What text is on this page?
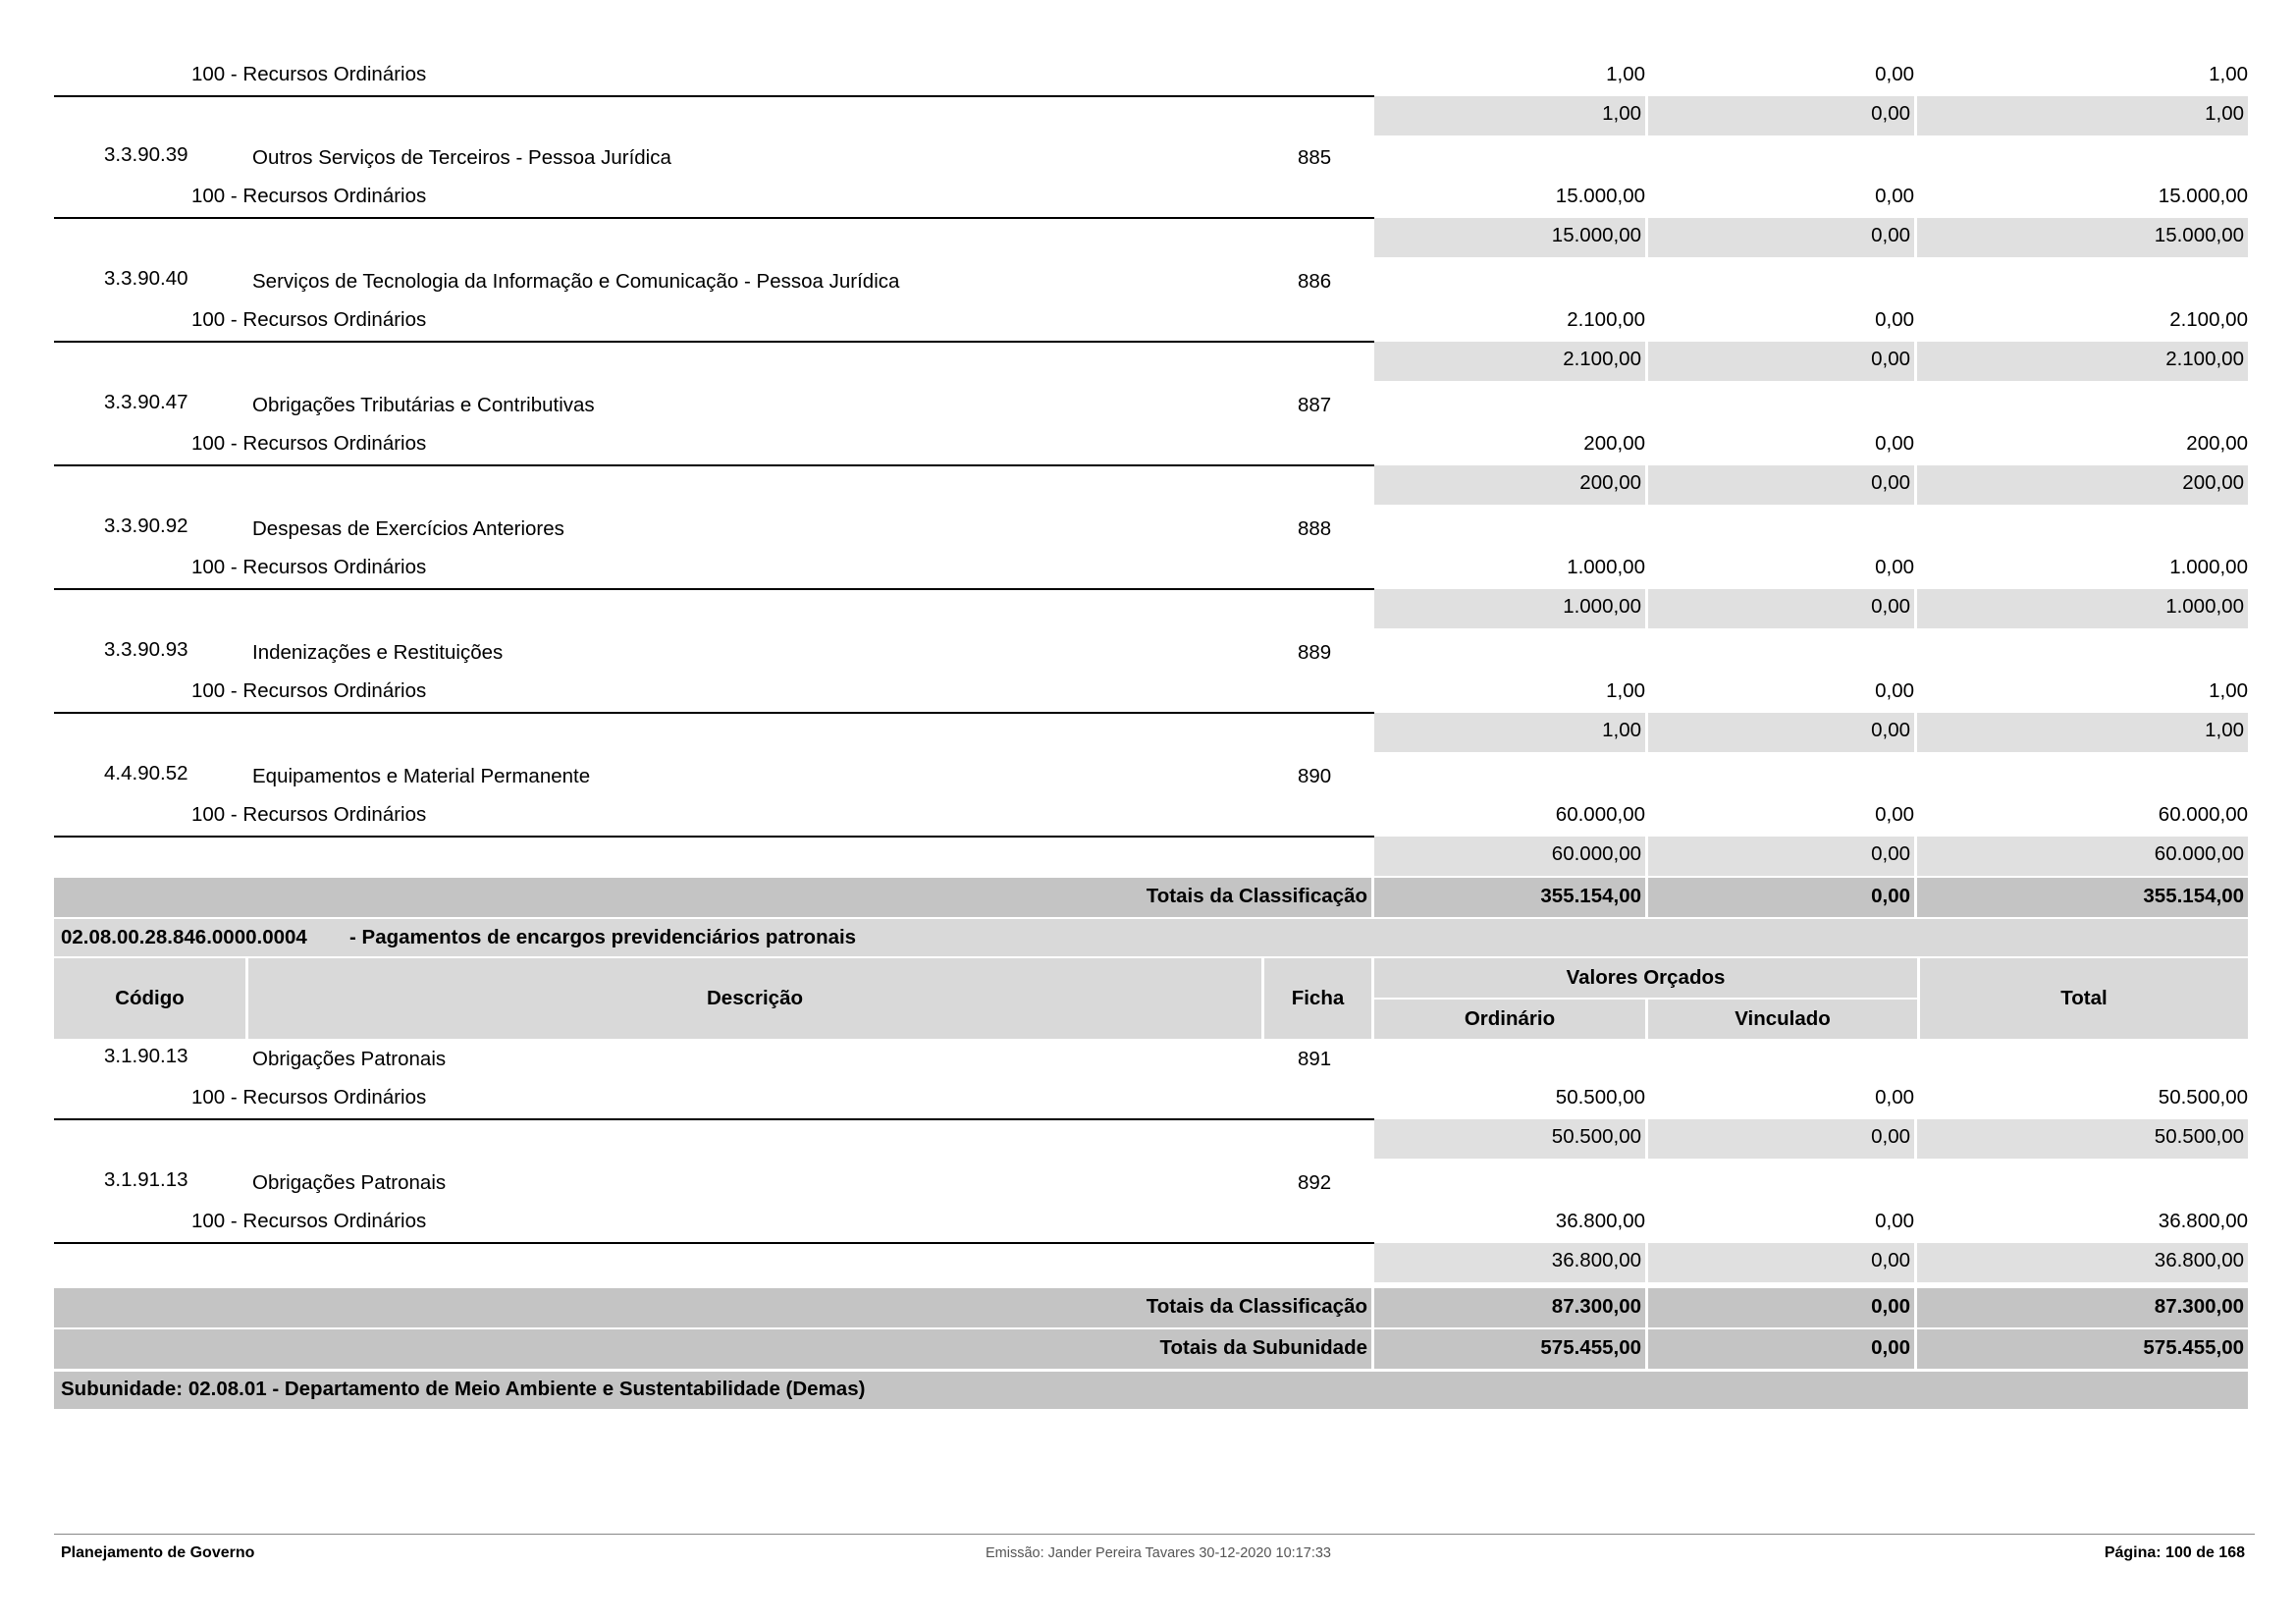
100 - Recursos Ordinários	1,00	0,00	1,00
1,00	0,00	1,00
3.3.90.39	Outros Serviços de Terceiros - Pessoa Jurídica	885
100 - Recursos Ordinários	15.000,00	0,00	15.000,00
15.000,00	0,00	15.000,00
3.3.90.40	Serviços de Tecnologia da Informação e Comunicação - Pessoa Jurídica	886
100 - Recursos Ordinários	2.100,00	0,00	2.100,00
2.100,00	0,00	2.100,00
3.3.90.47	Obrigações Tributárias e Contributivas	887
100 - Recursos Ordinários	200,00	0,00	200,00
200,00	0,00	200,00
3.3.90.92	Despesas de Exercícios Anteriores	888
100 - Recursos Ordinários	1.000,00	0,00	1.000,00
1.000,00	0,00	1.000,00
3.3.90.93	Indenizações e Restituições	889
100 - Recursos Ordinários	1,00	0,00	1,00
1,00	0,00	1,00
4.4.90.52	Equipamentos e Material Permanente	890
100 - Recursos Ordinários	60.000,00	0,00	60.000,00
60.000,00	0,00	60.000,00
Totais da Classificação	355.154,00	0,00	355.154,00
02.08.00.28.846.0000.0004 - Pagamentos de encargos previdenciários patronais
Código	Descrição	Ficha
Valores Orçados
Ordinário	Vinculado
Total
3.1.90.13	Obrigações Patronais	891
100 - Recursos Ordinários	50.500,00	0,00	50.500,00
50.500,00	0,00	50.500,00
3.1.91.13	Obrigações Patronais	892
100 - Recursos Ordinários	36.800,00	0,00	36.800,00
36.800,00	0,00	36.800,00
Totais da Classificação	87.300,00	0,00	87.300,00
Totais da Subunidade	575.455,00	0,00	575.455,00
Subunidade: 02.08.01 - Departamento de Meio Ambiente e Sustentabilidade (Demas)
Planejamento de Governo	Emissão: Jander Pereira Tavares 30-12-2020 10:17:33	Página: 100 de 168
